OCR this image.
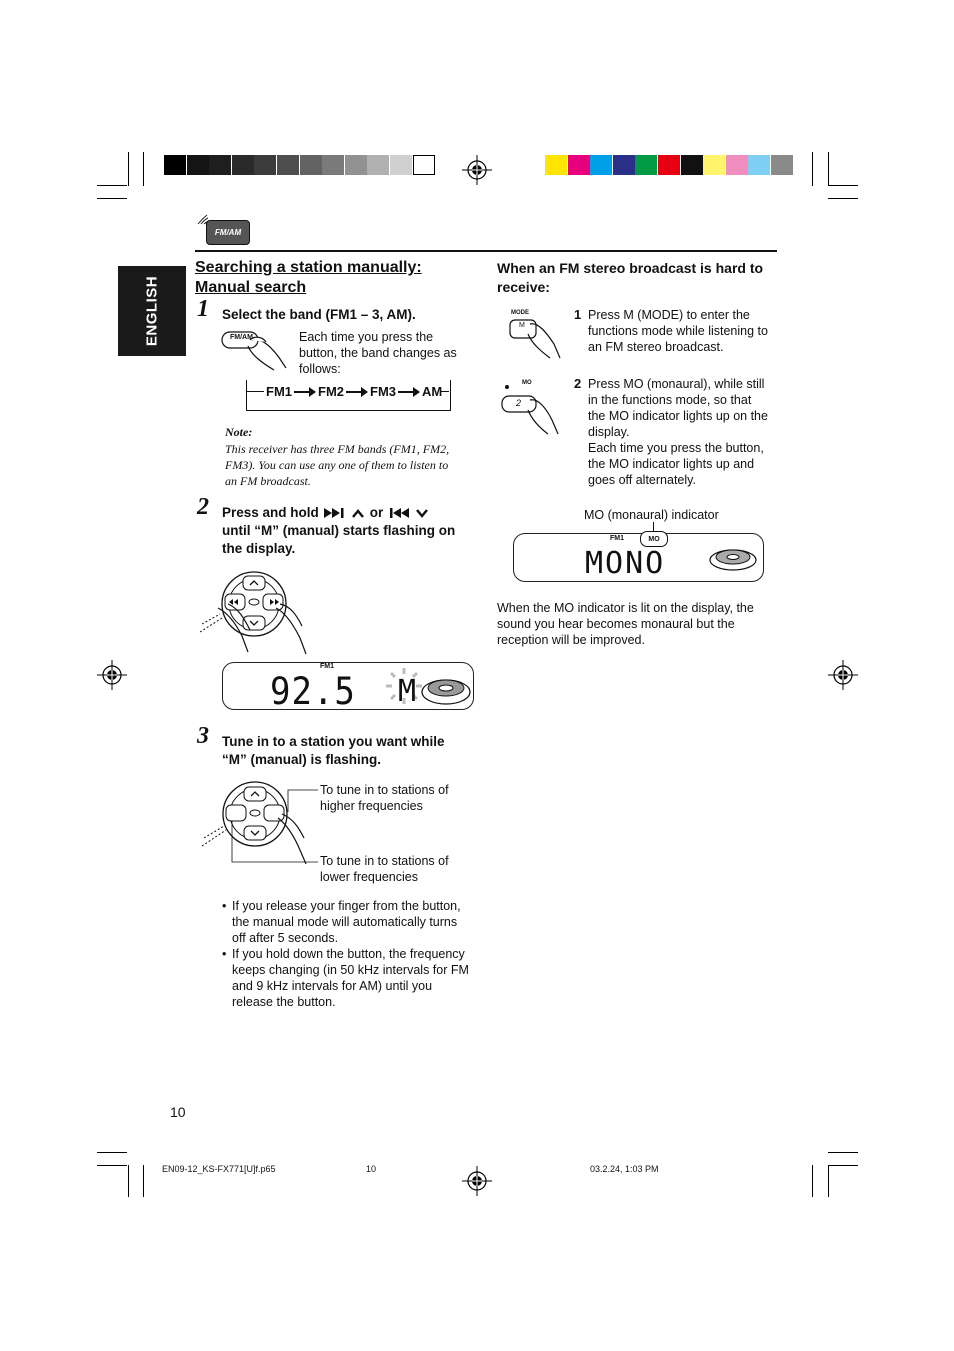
FM/AM
ENGLISH
Searching a station manually:
Manual search
1 Select the band (FM1 – 3, AM).
FM/AM	Each time you press the
button, the band changes as
follows:
FM1 FM2 FM3 AM
Note:
This receiver has three FM bands (FM1, FM2,
FM3). You can use any one of them to listen to
an FM broadcast.
2 Press and hold	or
until “M” (manual) starts flashing on
the display.
FM1
92.5 M
3 Tune in to a station you want while
“M” (manual) is flashing.
To tune in to stations of
higher frequencies
To tune in to stations of
lower frequencies
• If you release your finger from the button,
the manual mode will automatically turns
off after 5 seconds.
• If you hold down the button, the frequency
keeps changing (in 50 kHz intervals for FM
and 9 kHz intervals for AM) until you
release the button.
When an FM stereo broadcast is hard to
receive:
MODE
M
1 Press M (MODE) to enter the
functions mode while listening to
an FM stereo broadcast.
MO
2
2 Press MO (monaural), while still
in the functions mode, so that
the MO indicator lights up on the
display.
Each time you press the button,
the MO indicator lights up and
goes off alternately.
MO (monaural) indicator
FM1	MO
MONO
When the MO indicator is lit on the display, the
sound you hear becomes monaural but the
reception will be improved.
10
EN09-12_KS-FX771[U]f.p65	10	03.2.24, 1:03 PM
